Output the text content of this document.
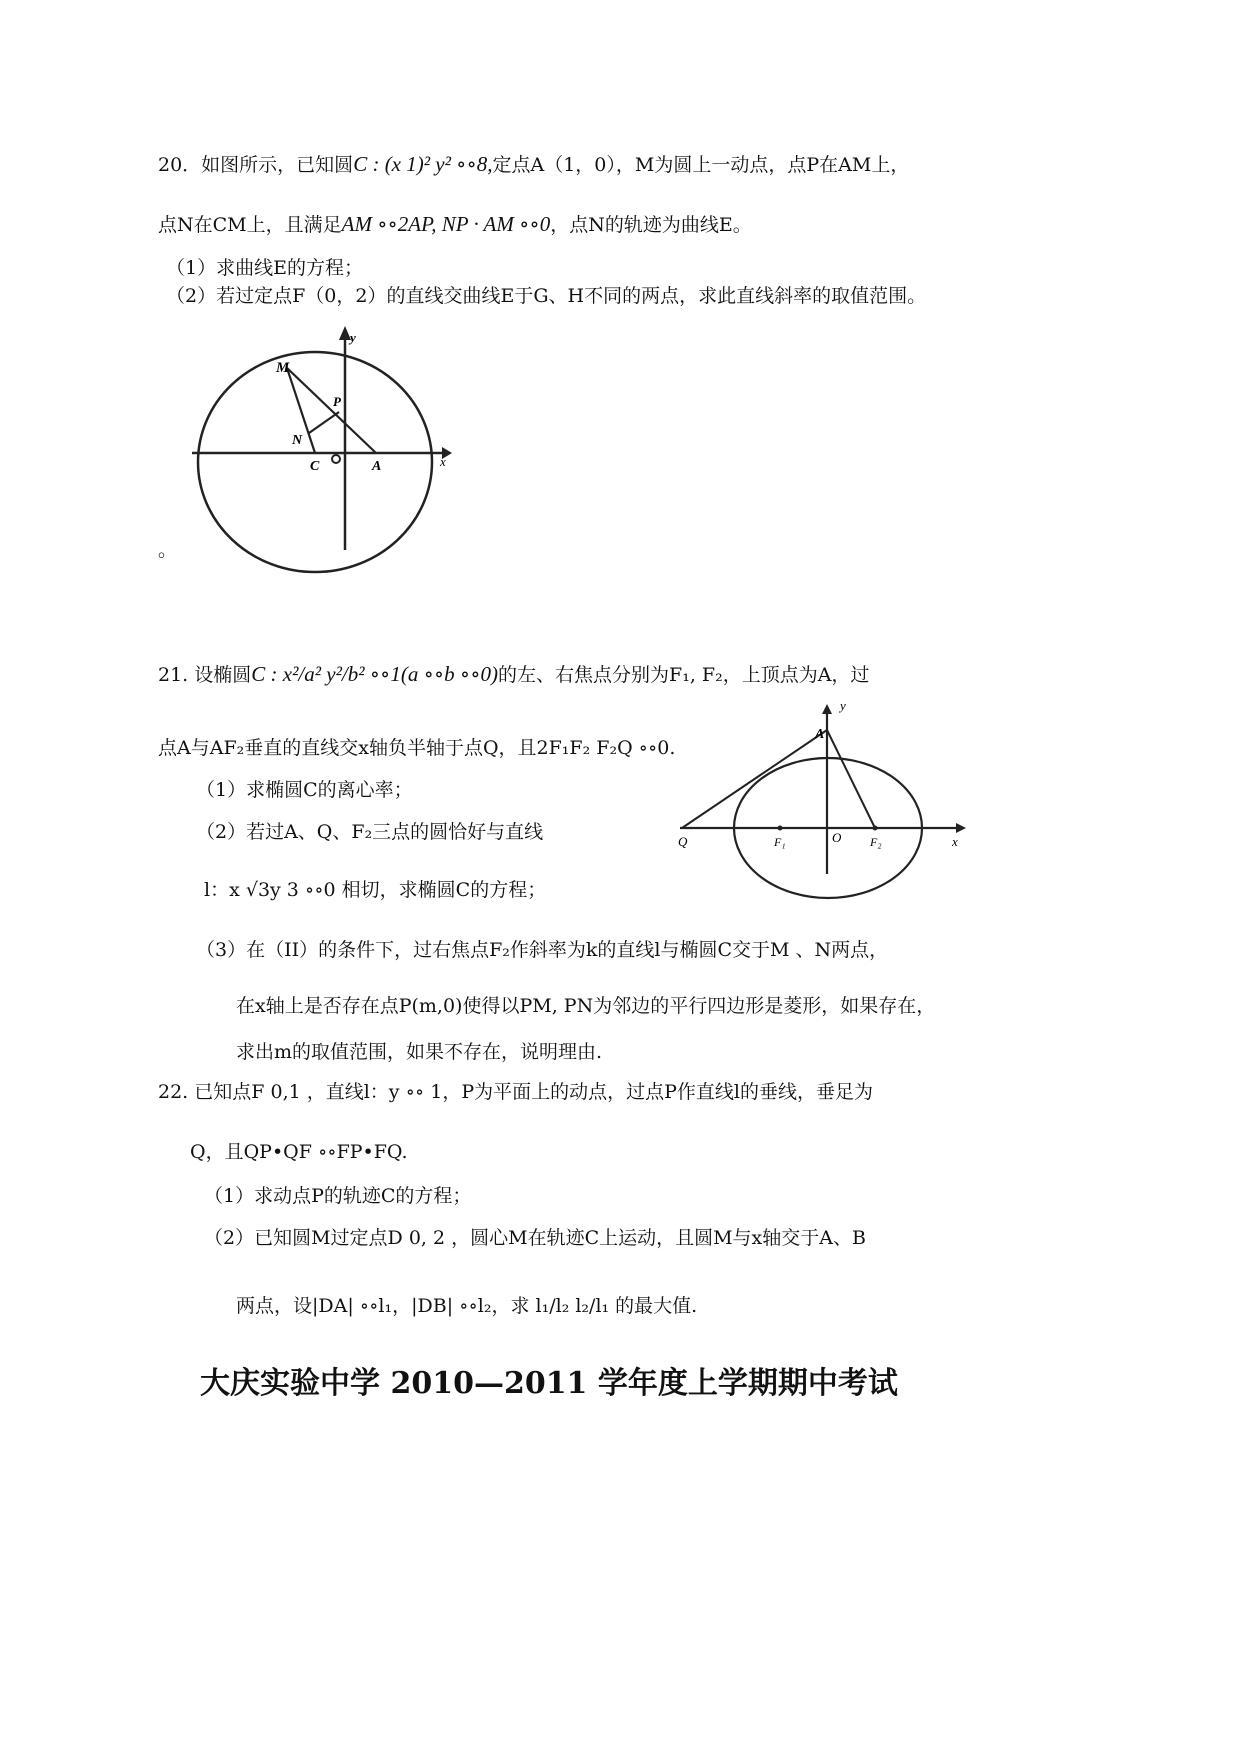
20．如图所示，已知圆C : (x 1)² y² ∘∘8,定点A（1，0），M为圆上一动点，点P在AM上，
点N在CM上，且满足AM ∘∘2AP, NP · AM ∘∘0，点N的轨迹为曲线E。
（1）求曲线E的方程；
（2）若过定点F（0，2）的直线交曲线E于G、H不同的两点，求此直线斜率的取值范围。
M
P
N
C	A	x
y
。
21. 设椭圆C : x²/a² y²/b² ∘∘1(a ∘∘b ∘∘0)的左、右焦点分别为F₁, F₂，上顶点为A，过
点A与AF₂垂直的直线交x轴负半轴于点Q，且2F₁F₂ F₂Q ∘∘0.
（1）求椭圆C的离心率；
（2）若过A、Q、F₂三点的圆恰好与直线
l：x √3y 3 ∘∘0 相切，求椭圆C的方程；
（3）在（II）的条件下，过右焦点F₂作斜率为k的直线l与椭圆C交于M 、N两点，
在x轴上是否存在点P(m,0)使得以PM, PN为邻边的平行四边形是菱形，如果存在，
求出m的取值范围，如果不存在，说明理由.
y
A
Q	F₁	O F₂	x
22. 已知点F 0,1 ，直线l：y ∘∘ 1，P为平面上的动点，过点P作直线l的垂线，垂足为
Q，且QP•QF ∘∘FP•FQ.
（1）求动点P的轨迹C的方程；
（2）已知圆M过定点D 0, 2 ，圆心M在轨迹C上运动，且圆M与x轴交于A、B
两点，设|DA| ∘∘l₁，|DB| ∘∘l₂，求 l₁/l₂ l₂/l₁ 的最大值.
大庆实验中学 2010—2011 学年度上学期期中考试
